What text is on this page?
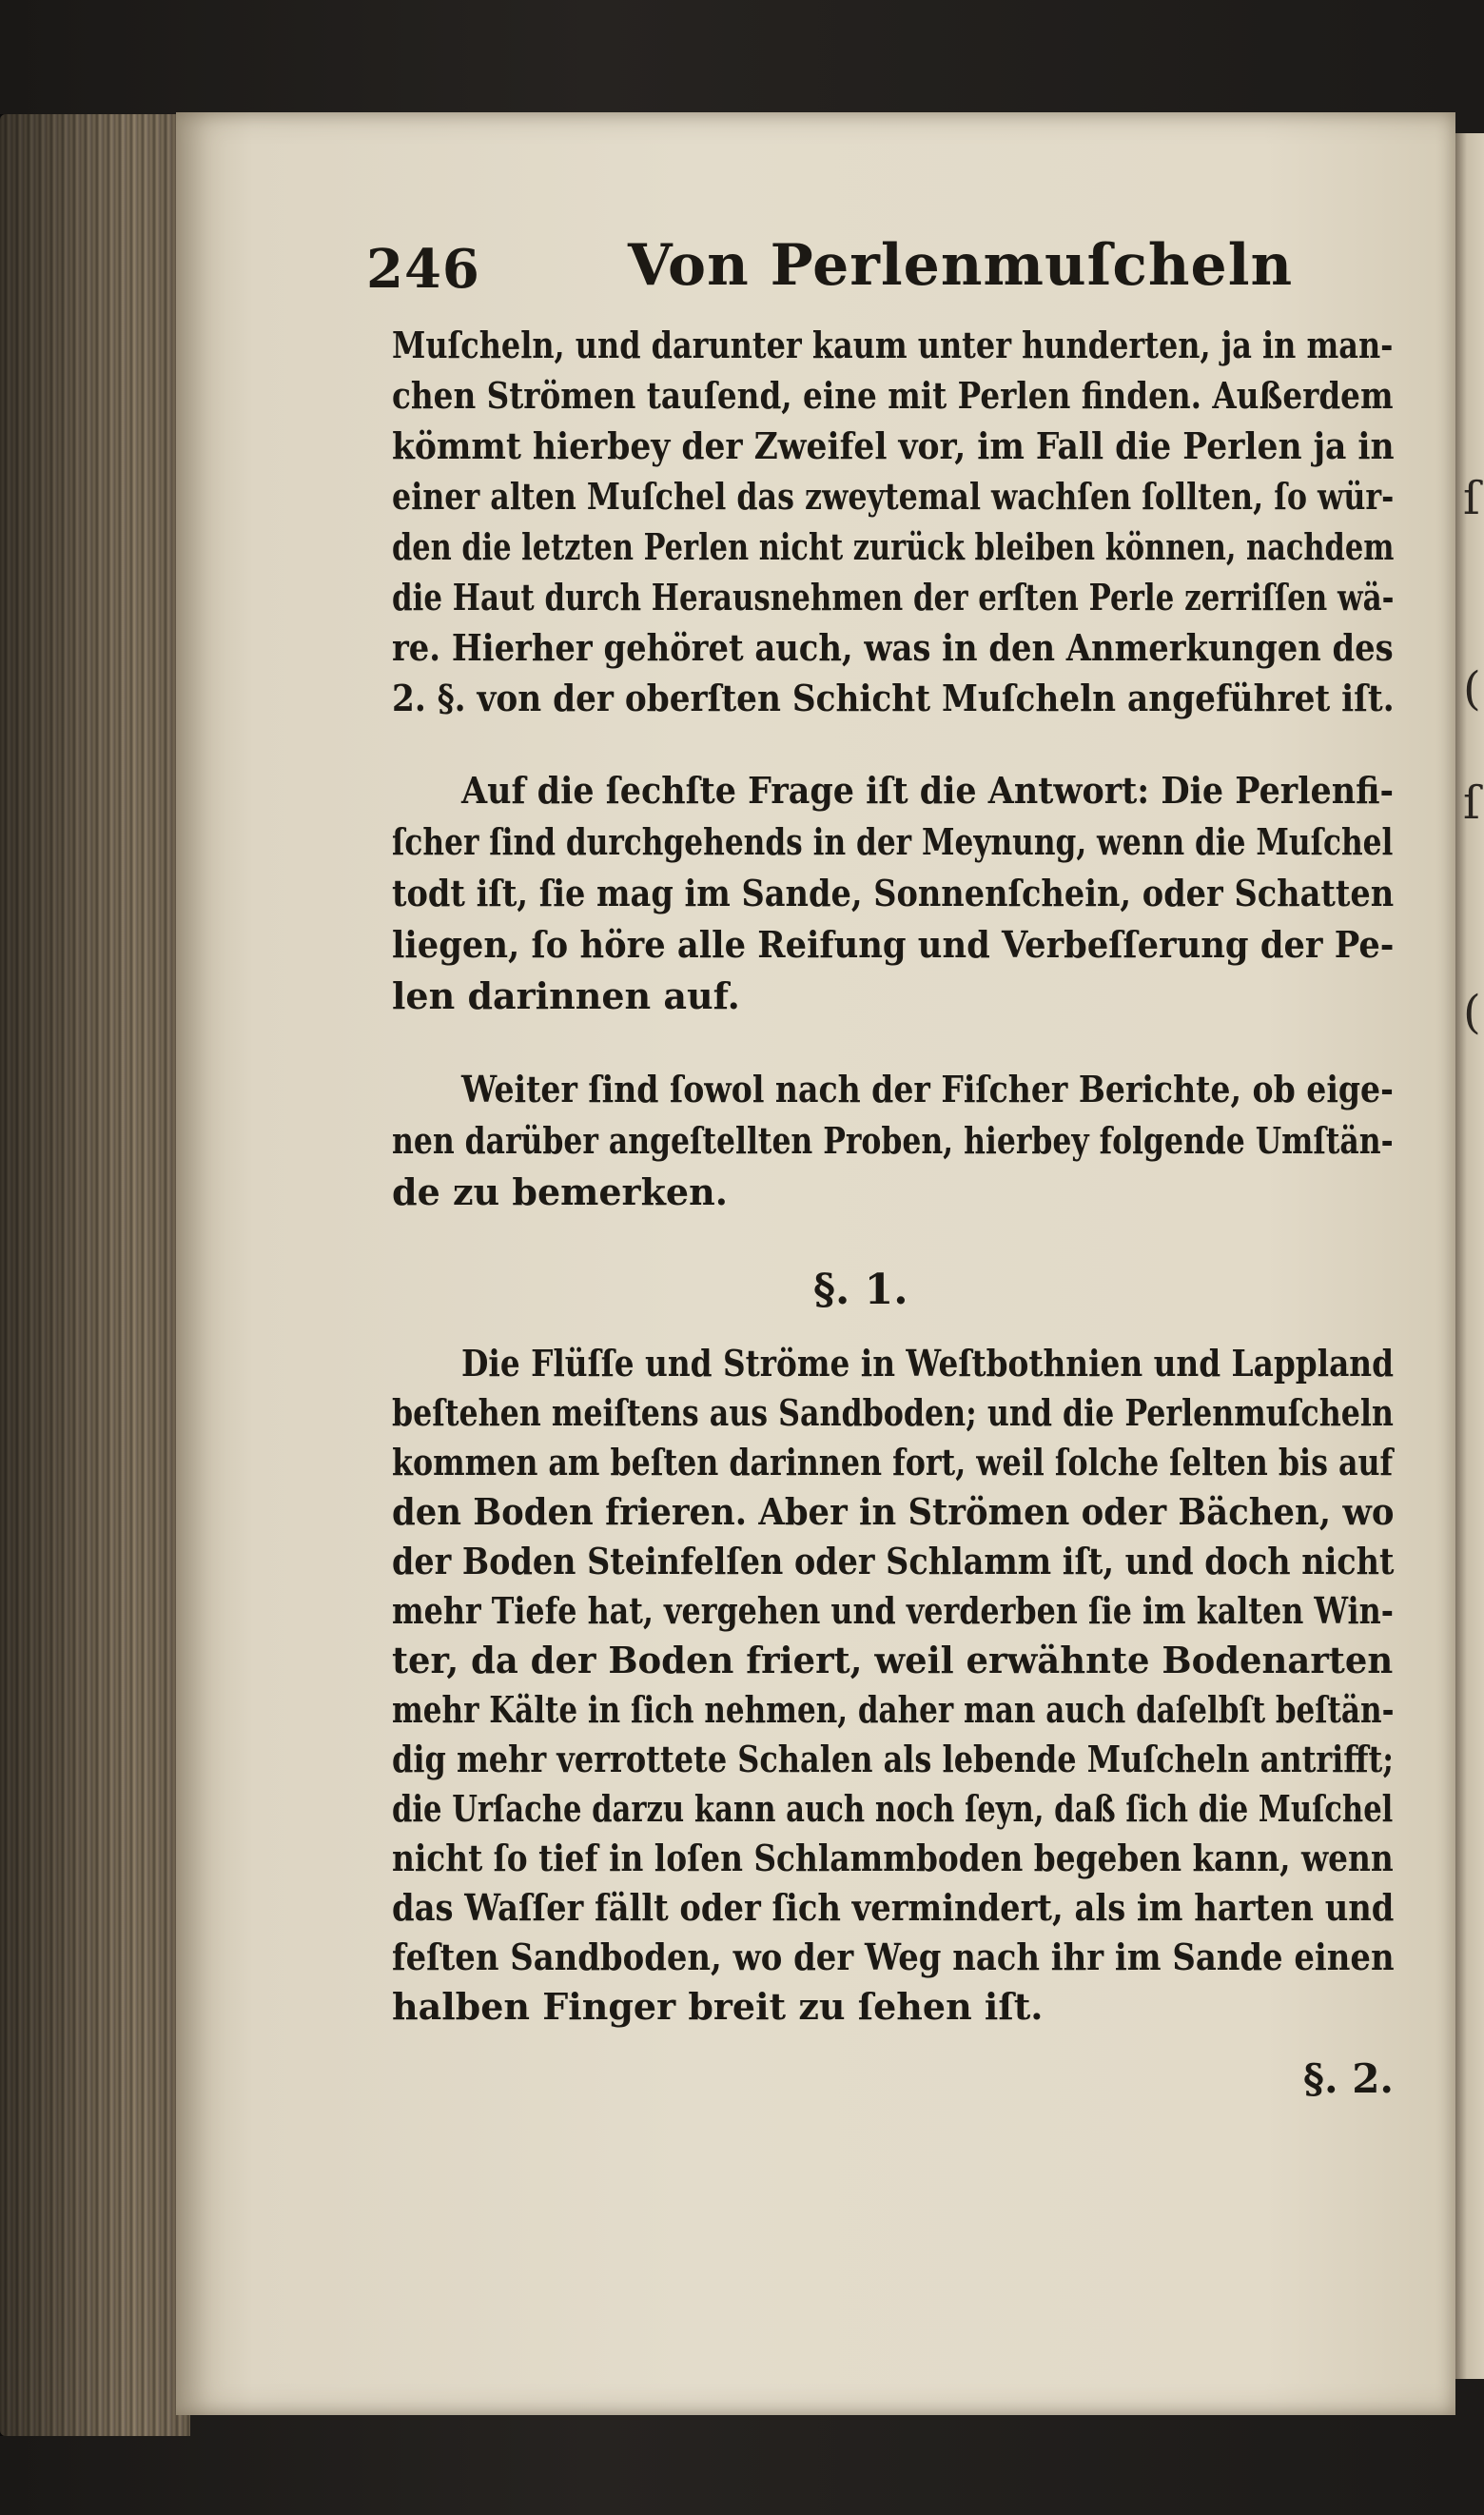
ſ
(
ſ
(
246	Von Perlenmuſcheln
Muſcheln, und darunter kaum unter hunderten, ja in man-
chen Strömen tauſend, eine mit Perlen finden. Außerdem
kömmt hierbey der Zweifel vor, im Fall die Perlen ja in
einer alten Muſchel das zweytemal wachſen ſollten, ſo wür-
den die letzten Perlen nicht zurück bleiben können, nachdem
die Haut durch Herausnehmen der erſten Perle zerriſſen wä-
re. Hierher gehöret auch, was in den Anmerkungen des
2. §. von der oberſten Schicht Muſcheln angeführet iſt.
Auf die ſechſte Frage iſt die Antwort: Die Perlenfi-
ſcher ſind durchgehends in der Meynung, wenn die Muſchel
todt iſt, ſie mag im Sande, Sonnenſchein, oder Schatten
liegen, ſo höre alle Reifung und Verbeſſerung der Pe-
len darinnen auf.
Weiter ſind ſowol nach der Fiſcher Berichte, ob eige-
nen darüber angeſtellten Proben, hierbey folgende Umſtän-
de zu bemerken.
§. 1.
Die Flüſſe und Ströme in Weſtbothnien und Lappland
beſtehen meiſtens aus Sandboden; und die Perlenmuſcheln
kommen am beſten darinnen fort, weil ſolche ſelten bis auf
den Boden frieren. Aber in Strömen oder Bächen, wo
der Boden Steinfelſen oder Schlamm iſt, und doch nicht
mehr Tiefe hat, vergehen und verderben ſie im kalten Win-
ter, da der Boden friert, weil erwähnte Bodenarten
mehr Kälte in ſich nehmen, daher man auch daſelbſt beſtän-
dig mehr verrottete Schalen als lebende Muſcheln antrifft;
die Urſache darzu kann auch noch ſeyn, daß ſich die Muſchel
nicht ſo tief in loſen Schlammboden begeben kann, wenn
das Waſſer fällt oder ſich vermindert, als im harten und
feſten Sandboden, wo der Weg nach ihr im Sande einen
halben Finger breit zu ſehen iſt.
§. 2.
